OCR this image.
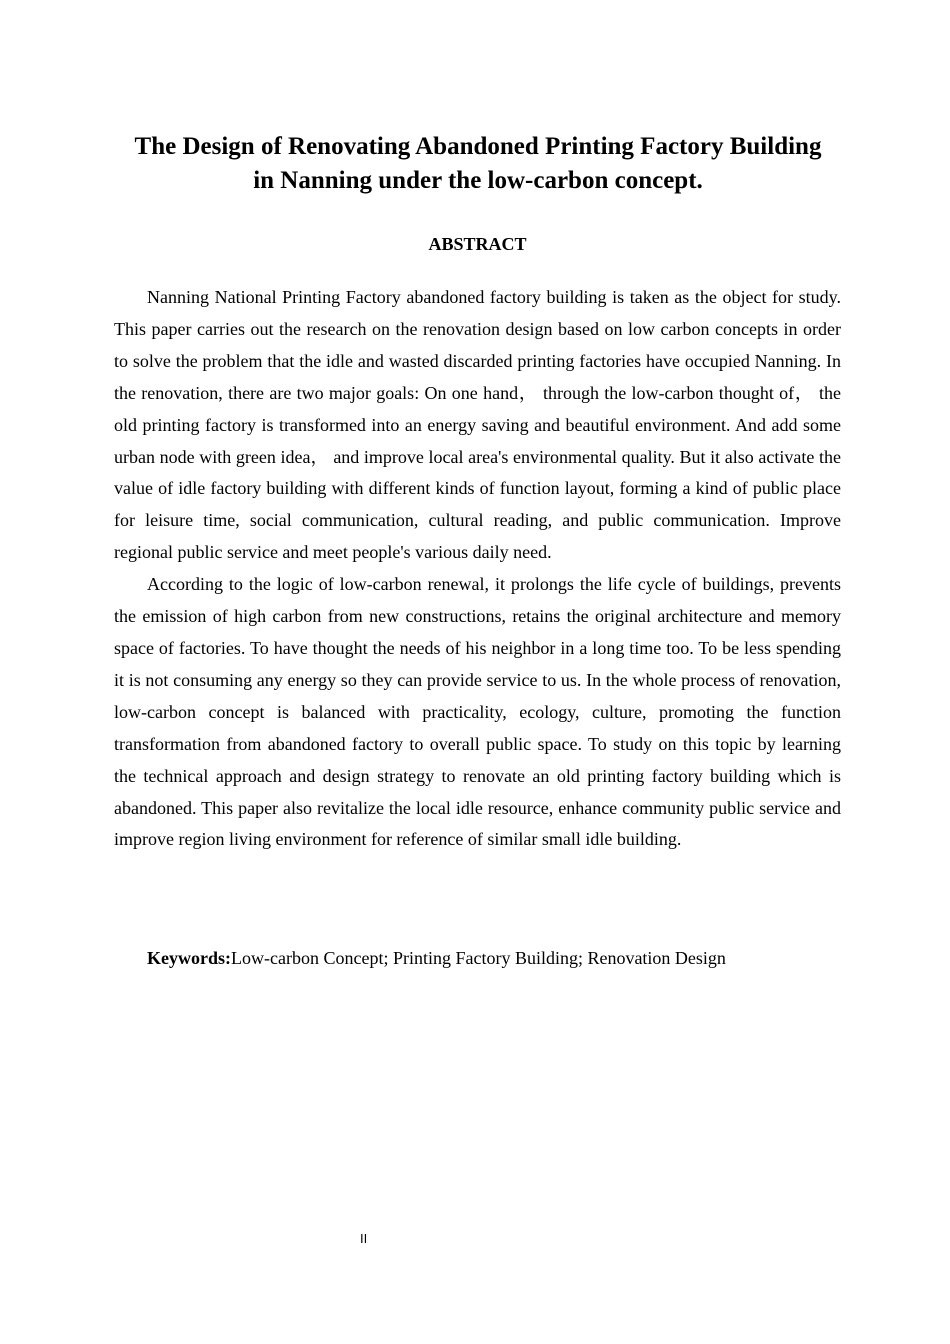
The Design of Renovating Abandoned Printing Factory Building
in Nanning under the low-carbon concept.
ABSTRACT

Nanning National Printing Factory abandoned factory building is taken as the object for study. This paper carries out the research on the renovation design based on low carbon concepts in order to solve the problem that the idle and wasted discarded printing factories have occupied Nanning. In the renovation, there are two major goals: On one hand， through the low-carbon thought of， the old printing factory is transformed into an energy saving and beautiful environment. And add some urban node with green idea， and improve local area's environmental quality. But it also activate the value of idle factory building with different kinds of function layout, forming a kind of public place for leisure time, social communication, cultural reading, and public communication. Improve regional public service and meet people's various daily need.

According to the logic of low-carbon renewal, it prolongs the life cycle of buildings, prevents the emission of high carbon from new constructions, retains the original architecture and memory space of factories. To have thought the needs of his neighbor in a long time too. To be less spending it is not consuming any energy so they can provide service to us. In the whole process of renovation, low-carbon concept is balanced with practicality, ecology, culture, promoting the function transformation from abandoned factory to overall public space. To study on this topic by learning the technical approach and design strategy to renovate an old printing factory building which is abandoned. This paper also revitalize the local idle resource, enhance community public service and improve region living environment for reference of similar small idle building.

Keywords:Low-carbon Concept; Printing Factory Building; Renovation Design
II
